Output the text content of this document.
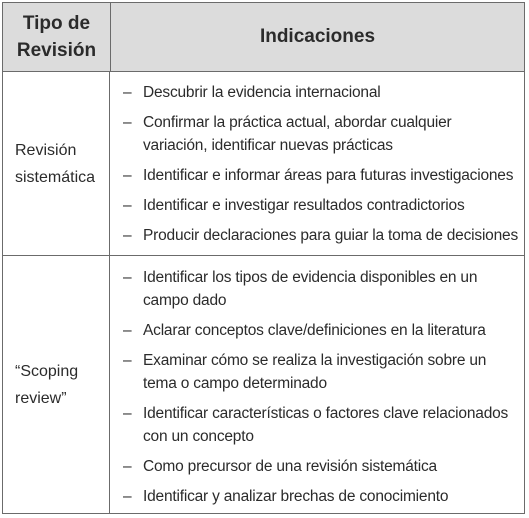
Tipo de
Revisión
Indicaciones
Revisión
sistemática
– Descubrir la evidencia internacional
– Confirmar la práctica actual, abordar cualquier variación, identificar nuevas prácticas
– Identificar e informar áreas para futuras investigaciones
– Identificar e investigar resultados contradictorios
– Producir declaraciones para guiar la toma de decisiones
“Scoping
review”
– Identificar los tipos de evidencia disponibles en un campo dado
– Aclarar conceptos clave/definiciones en la literatura
– Examinar cómo se realiza la investigación sobre un tema o campo determinado
– Identificar características o factores clave relacionados con un concepto
– Como precursor de una revisión sistemática
– Identificar y analizar brechas de conocimiento
